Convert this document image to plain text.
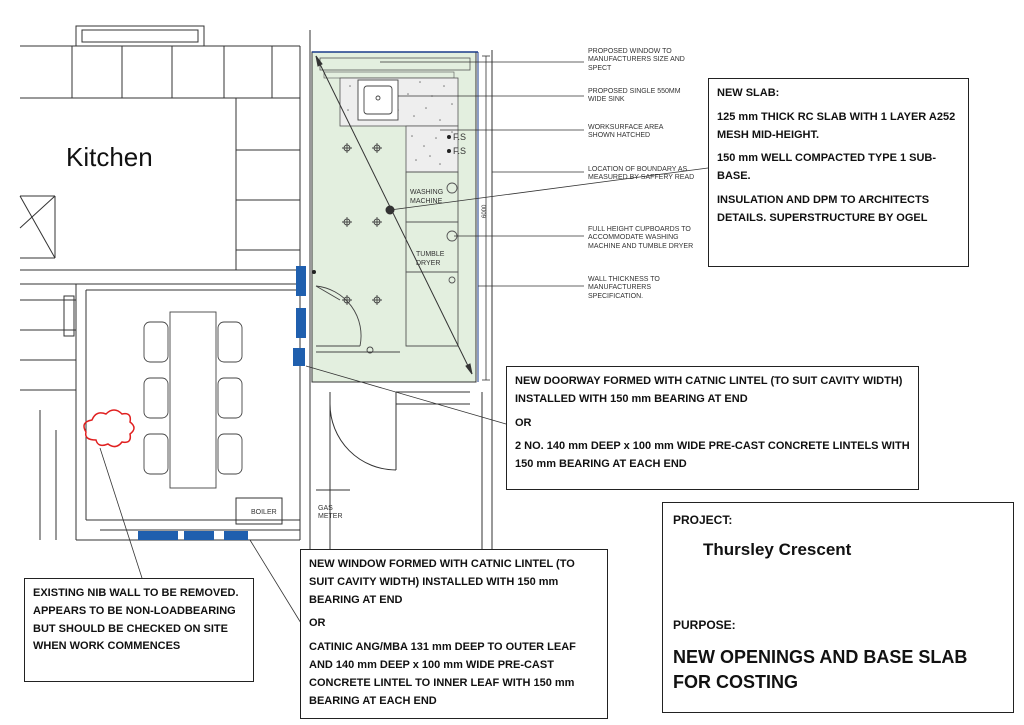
BOILER
GAS METER
WASHING MACHINE
TUMBLE DRYER
F.S
F.S
6000
Kitchen
PROPOSED WINDOW TO MANUFACTURERS SIZE AND SPECT
PROPOSED SINGLE 550MM WIDE SINK
WORKSURFACE AREA SHOWN HATCHED
LOCATION OF BOUNDARY AS MEASURED BY SAFFERY READ
FULL HEIGHT CUPBOARDS TO ACCOMMODATE WASHING MACHINE AND TUMBLE DRYER
WALL THICKNESS TO MANUFACTURERS SPECIFICATION.

NEW SLAB:

125 mm THICK RC SLAB WITH 1 LAYER A252 MESH MID-HEIGHT.

150 mm WELL COMPACTED TYPE 1 SUB-BASE.

INSULATION AND DPM TO ARCHITECTS DETAILS. SUPERSTRUCTURE BY OGEL

NEW DOORWAY FORMED WITH CATNIC LINTEL (TO SUIT CAVITY WIDTH) INSTALLED WITH 150 mm BEARING AT END

OR

2 NO. 140 mm DEEP x 100 mm WIDE PRE-CAST CONCRETE LINTELS WITH 150 mm BEARING AT EACH END

NEW WINDOW FORMED WITH CATNIC LINTEL (TO SUIT CAVITY WIDTH) INSTALLED WITH 150 mm BEARING AT END

OR

CATINIC ANG/MBA 131 mm DEEP TO OUTER LEAF AND 140 mm DEEP x 100 mm WIDE PRE-CAST CONCRETE LINTEL TO INNER LEAF WITH 150 mm BEARING AT EACH END

EXISTING NIB WALL TO BE REMOVED. APPEARS TO BE NON-LOADBEARING BUT SHOULD BE CHECKED ON SITE WHEN WORK COMMENCES

PROJECT:
Thursley Crescent
PURPOSE:
NEW OPENINGS AND BASE SLAB FOR COSTING
